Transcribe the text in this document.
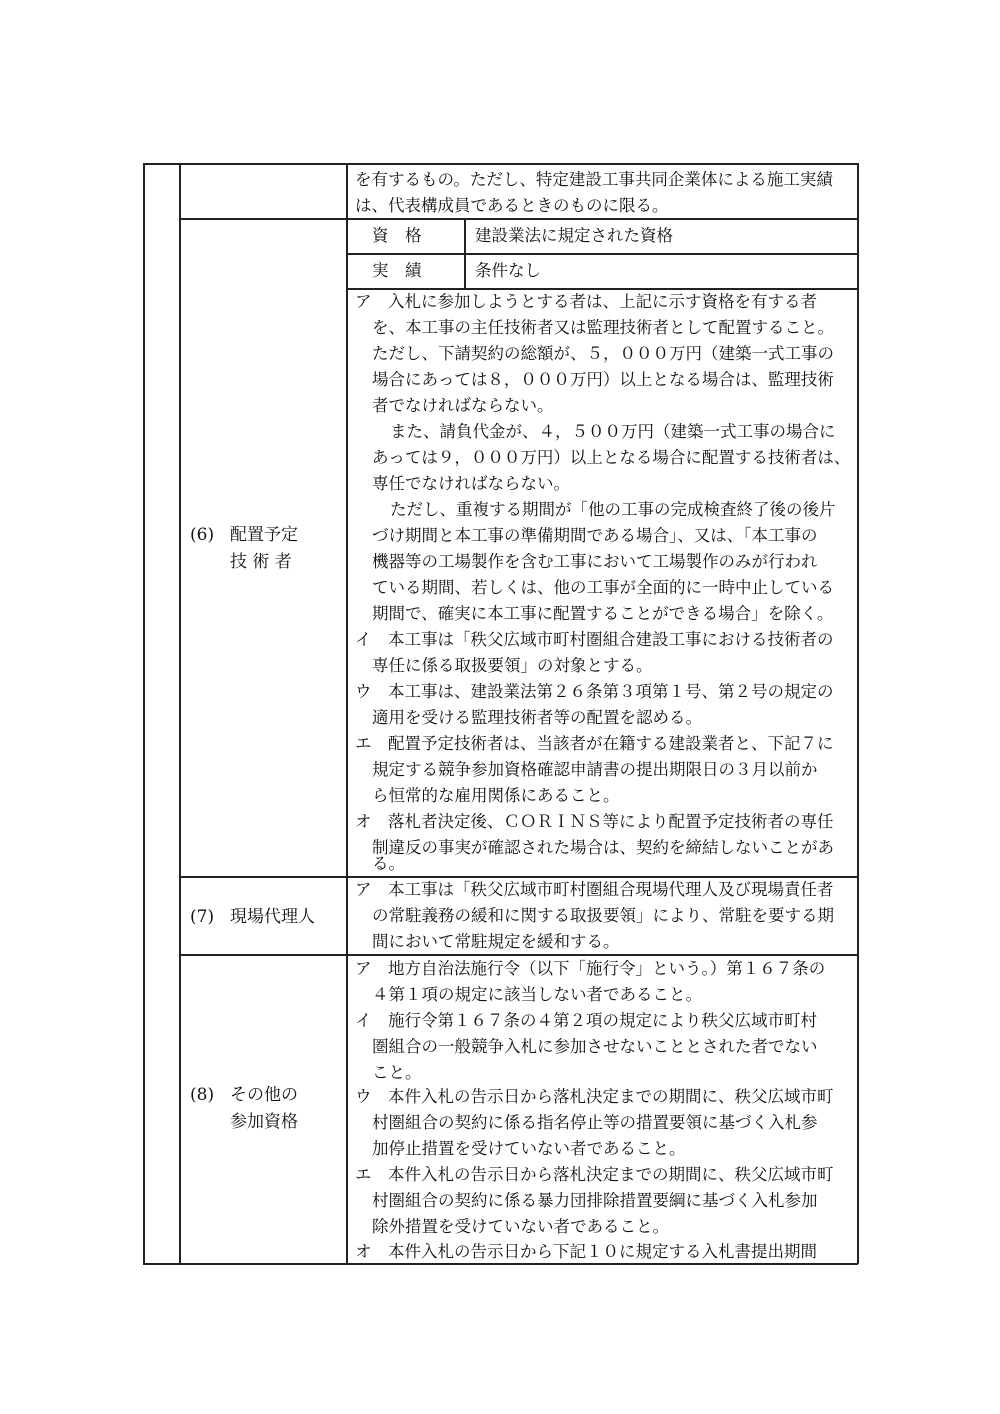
を有するもの。ただし、特定建設工事共同企業体による施工実績
は、代表構成員であるときのものに限る。
資　格	建設業法に規定された資格
実　績	条件なし
(6) 配置予定
技 術 者
ア　入札に参加しようとする者は、上記に示す資格を有する者
を、本工事の主任技術者又は監理技術者として配置すること。
ただし、下請契約の総額が、５，０００万円（建築一式工事の
場合にあっては８，０００万円）以上となる場合は、監理技術
者でなければならない。
また、請負代金が、４，５００万円（建築一式工事の場合に
あっては９，０００万円）以上となる場合に配置する技術者は、
専任でなければならない。
ただし、重複する期間が「他の工事の完成検査終了後の後片
づけ期間と本工事の準備期間である場合」、又は、「本工事の
機器等の工場製作を含む工事において工場製作のみが行われ
ている期間、若しくは、他の工事が全面的に一時中止している
期間で、確実に本工事に配置することができる場合」を除く。
イ　本工事は「秩父広域市町村圏組合建設工事における技術者の
専任に係る取扱要領」の対象とする。
ウ　本工事は、建設業法第２６条第３項第１号、第２号の規定の
適用を受ける監理技術者等の配置を認める。
エ　配置予定技術者は、当該者が在籍する建設業者と、下記７に
規定する競争参加資格確認申請書の提出期限日の３月以前か
ら恒常的な雇用関係にあること。
オ　落札者決定後、ＣＯＲＩＮＳ等により配置予定技術者の専任
制違反の事実が確認された場合は、契約を締結しないことがあ
る。
(7) 現場代理人
ア　本工事は「秩父広域市町村圏組合現場代理人及び現場責任者
の常駐義務の緩和に関する取扱要領」により、常駐を要する期
間において常駐規定を緩和する。
(8) その他の
参加資格
ア　地方自治法施行令（以下「施行令」という。）第１６７条の
４第１項の規定に該当しない者であること。
イ　施行令第１６７条の４第２項の規定により秩父広域市町村
圏組合の一般競争入札に参加させないこととされた者でない
こと。
ウ　本件入札の告示日から落札決定までの期間に、秩父広域市町
村圏組合の契約に係る指名停止等の措置要領に基づく入札参
加停止措置を受けていない者であること。
エ　本件入札の告示日から落札決定までの期間に、秩父広域市町
村圏組合の契約に係る暴力団排除措置要綱に基づく入札参加
除外措置を受けていない者であること。
オ　本件入札の告示日から下記１０に規定する入札書提出期間
